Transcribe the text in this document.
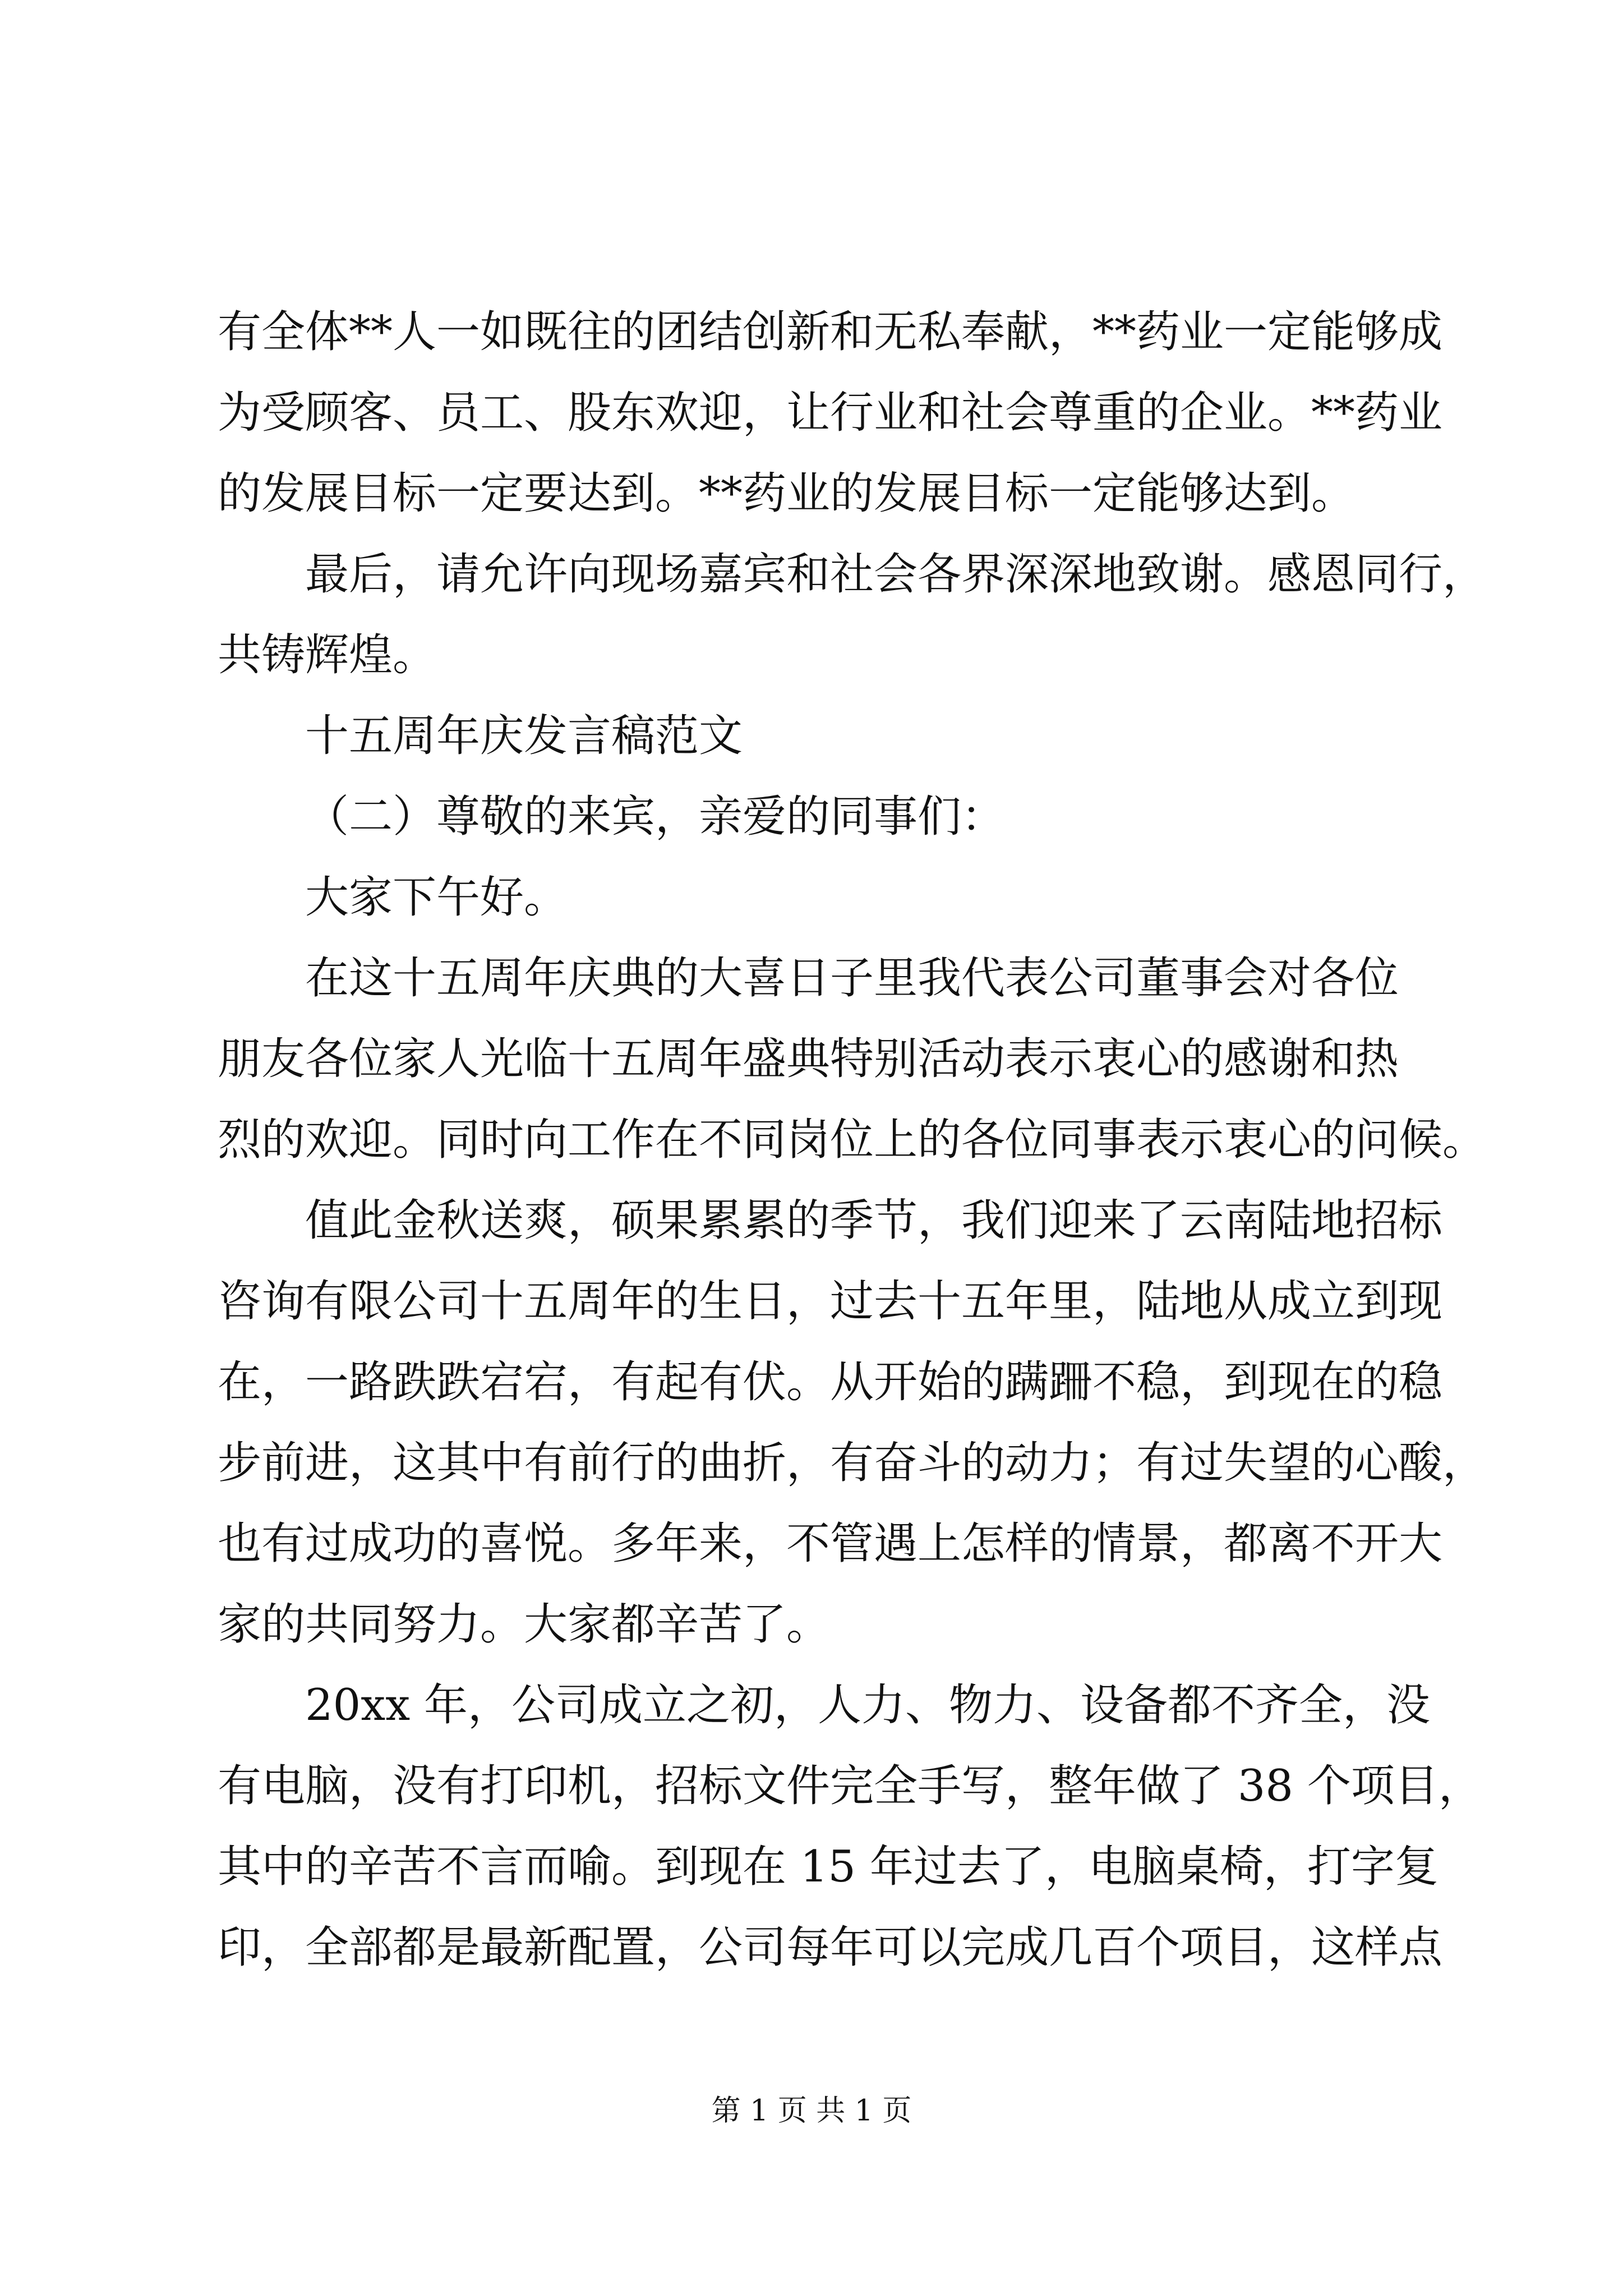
有全体**人一如既往的团结创新和无私奉献，**药业一定能够成
为受顾客、员工、股东欢迎，让行业和社会尊重的企业。**药业
的发展目标一定要达到。**药业的发展目标一定能够达到。
最后，请允许向现场嘉宾和社会各界深深地致谢。感恩同行，
共铸辉煌。
十五周年庆发言稿范文
（二）尊敬的来宾，亲爱的同事们：
大家下午好。
在这十五周年庆典的大喜日子里我代表公司董事会对各位
朋友各位家人光临十五周年盛典特别活动表示衷心的感谢和热
烈的欢迎。同时向工作在不同岗位上的各位同事表示衷心的问候。
值此金秋送爽，硕果累累的季节，我们迎来了云南陆地招标
咨询有限公司十五周年的生日，过去十五年里，陆地从成立到现
在，一路跌跌宕宕，有起有伏。从开始的蹒跚不稳，到现在的稳
步前进，这其中有前行的曲折，有奋斗的动力；有过失望的心酸，
也有过成功的喜悦。多年来，不管遇上怎样的情景，都离不开大
家的共同努力。大家都辛苦了。
20xx 年，公司成立之初，人力、物力、设备都不齐全，没
有电脑，没有打印机，招标文件完全手写，整年做了 38 个项目，
其中的辛苦不言而喻。到现在 15 年过去了，电脑桌椅，打字复
印，全部都是最新配置，公司每年可以完成几百个项目，这样点
第 1 页 共 1 页
